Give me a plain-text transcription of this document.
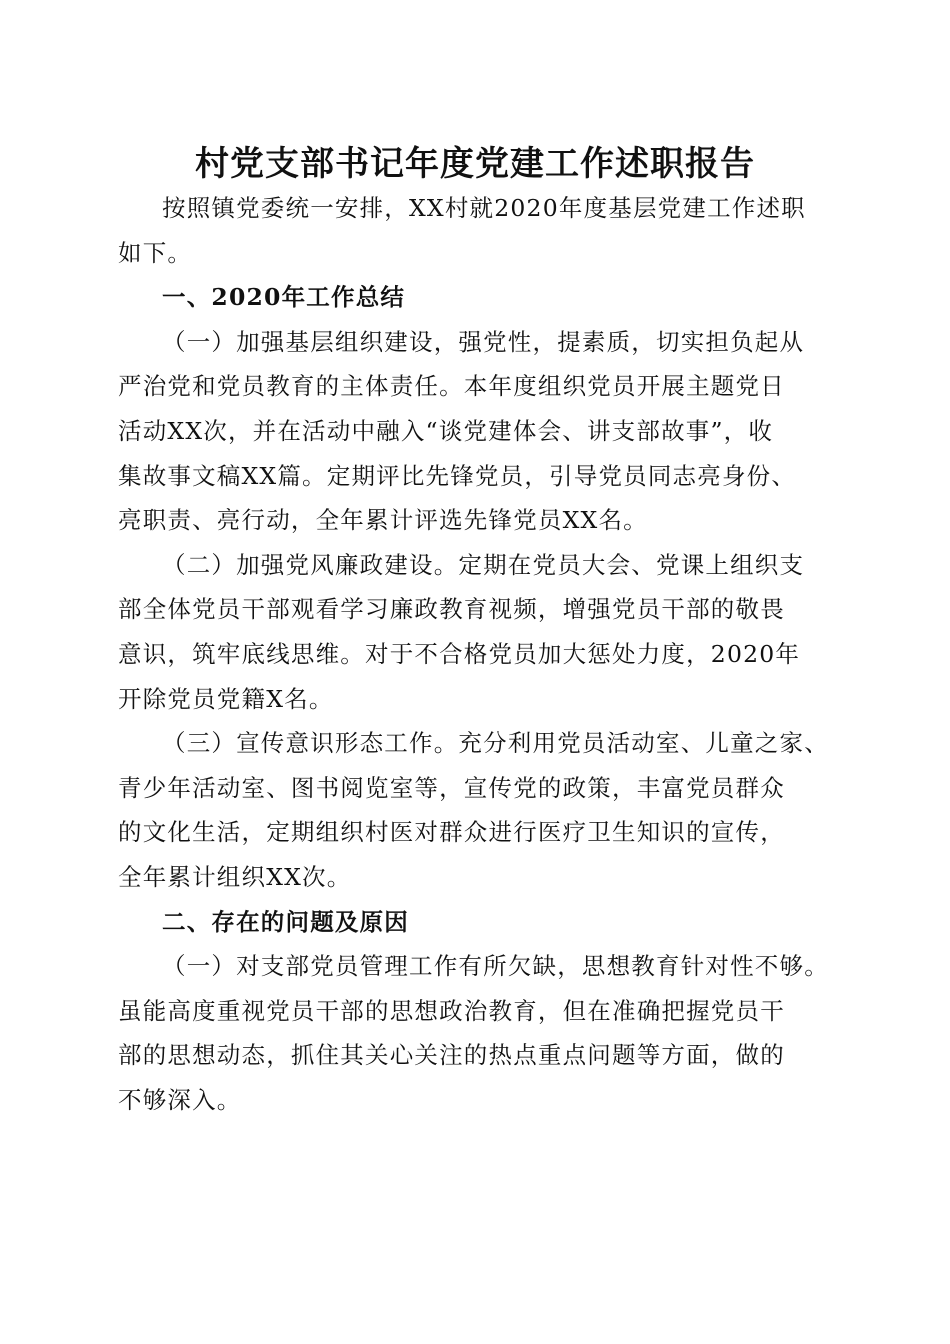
村党支部书记年度党建工作述职报告
按照镇党委统一安排，XX村就2020年度基层党建工作述职
如下。
一、2020年工作总结
（一）加强基层组织建设，强党性，提素质，切实担负起从
严治党和党员教育的主体责任。本年度组织党员开展主题党日
活动XX次，并在活动中融入“谈党建体会、讲支部故事”，收
集故事文稿XX篇。定期评比先锋党员，引导党员同志亮身份、
亮职责、亮行动，全年累计评选先锋党员XX名。
（二）加强党风廉政建设。定期在党员大会、党课上组织支
部全体党员干部观看学习廉政教育视频，增强党员干部的敬畏
意识，筑牢底线思维。对于不合格党员加大惩处力度，2020年
开除党员党籍X名。
（三）宣传意识形态工作。充分利用党员活动室、儿童之家、
青少年活动室、图书阅览室等，宣传党的政策，丰富党员群众
的文化生活，定期组织村医对群众进行医疗卫生知识的宣传，
全年累计组织XX次。
二、存在的问题及原因
（一）对支部党员管理工作有所欠缺，思想教育针对性不够。
虽能高度重视党员干部的思想政治教育，但在准确把握党员干
部的思想动态，抓住其关心关注的热点重点问题等方面，做的
不够深入。
